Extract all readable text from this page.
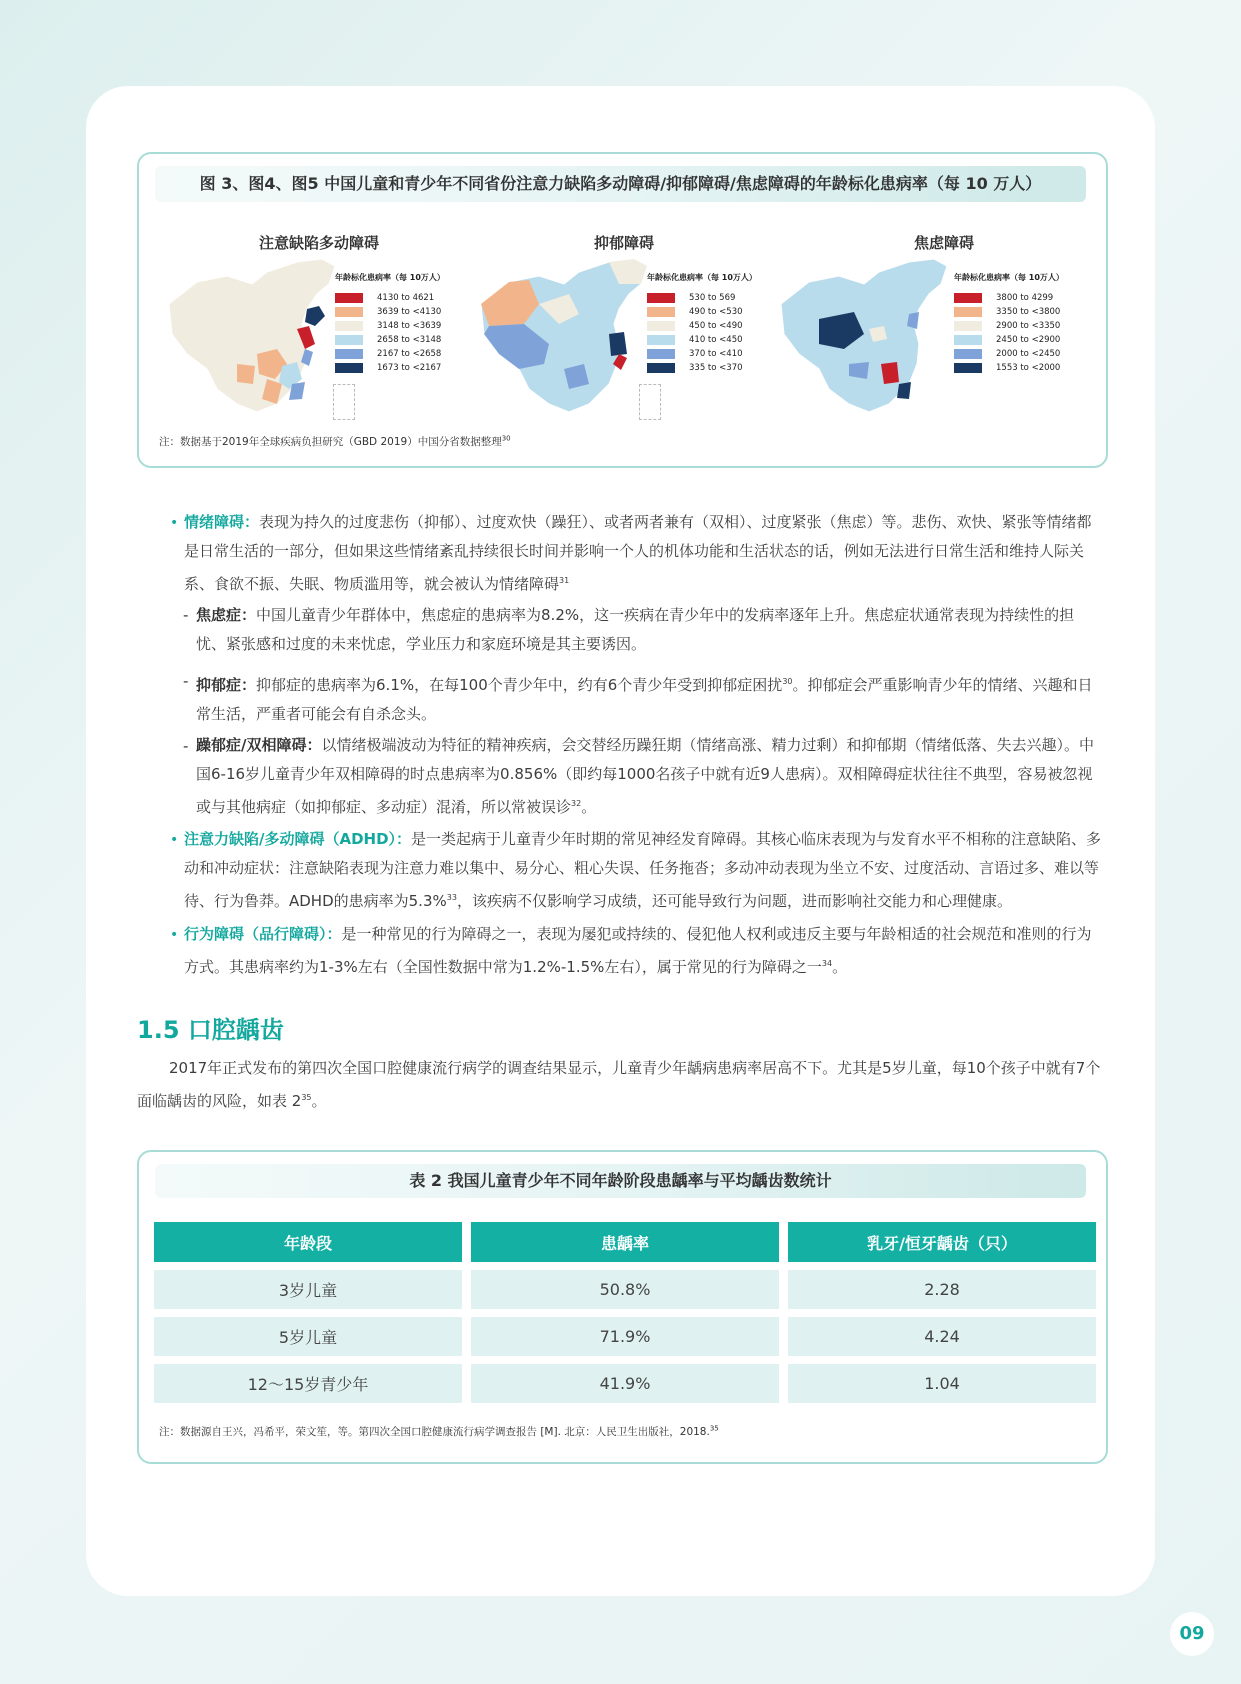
图 3、图4、图5 中国儿童和青少年不同省份注意力缺陷多动障碍/抑郁障碍/焦虑障碍的年龄标化患病率（每 10 万人）
注意缺陷多动障碍
年龄标化患病率（每 10万人）
4130 to 4621
3639 to <4130
3148 to <3639
2658 to <3148
2167 to <2658
1673 to <2167
抑郁障碍
年龄标化患病率（每 10万人）
530 to 569
490 to <530
450 to <490
410 to <450
370 to <410
335 to <370
焦虑障碍
年龄标化患病率（每 10万人）
3800 to 4299
3350 to <3800
2900 to <3350
2450 to <2900
2000 to <2450
1553 to <2000
注：数据基于2019年全球疾病负担研究（GBD 2019）中国分省数据整理$^{30}$
• 情绪障碍：表现为持久的过度悲伤（抑郁）、过度欢快（躁狂）、或者两者兼有（双相）、过度紧张（焦虑）等。悲伤、欢快、紧张等情绪都是日常生活的一部分，但如果这些情绪紊乱持续很长时间并影响一个人的机体功能和生活状态的话，例如无法进行日常生活和维持人际关系、食欲不振、失眠、物质滥用等，就会被认为情绪障碍$^{31}$
- 焦虑症：中国儿童青少年群体中，焦虑症的患病率为8.2%，这一疾病在青少年中的发病率逐年上升。焦虑症状通常表现为持续性的担忧、紧张感和过度的未来忧虑，学业压力和家庭环境是其主要诱因。
- 抑郁症：抑郁症的患病率为6.1%，在每100个青少年中，约有6个青少年受到抑郁症困扰$^{30}$。抑郁症会严重影响青少年的情绪、兴趣和日常生活，严重者可能会有自杀念头。
- 躁郁症/双相障碍：以情绪极端波动为特征的精神疾病，会交替经历躁狂期（情绪高涨、精力过剩）和抑郁期（情绪低落、失去兴趣）。中国6-16岁儿童青少年双相障碍的时点患病率为0.856%（即约每1000名孩子中就有近9人患病）。双相障碍症状往往不典型，容易被忽视或与其他病症（如抑郁症、多动症）混淆，所以常被误诊$^{32}$。
• 注意力缺陷/多动障碍（ADHD）：是一类起病于儿童青少年时期的常见神经发育障碍。其核心临床表现为与发育水平不相称的注意缺陷、多动和冲动症状：注意缺陷表现为注意力难以集中、易分心、粗心失误、任务拖沓；多动冲动表现为坐立不安、过度活动、言语过多、难以等待、行为鲁莽。ADHD的患病率为5.3%$^{33}$，该疾病不仅影响学习成绩，还可能导致行为问题，进而影响社交能力和心理健康。
• 行为障碍（品行障碍）：是一种常见的行为障碍之一，表现为屡犯或持续的、侵犯他人权利或违反主要与年龄相适的社会规范和准则的行为方式。其患病率约为1-3%左右（全国性数据中常为1.2%-1.5%左右），属于常见的行为障碍之一$^{34}$。
1.5 口腔龋齿
2017年正式发布的第四次全国口腔健康流行病学的调查结果显示，儿童青少年龋病患病率居高不下。尤其是5岁儿童，每10个孩子中就有7个面临龋齿的风险，如表 $2^{35}$。
表 2 我国儿童青少年不同年龄阶段患龋率与平均龋齿数统计
年龄段	患龋率	乳牙/恒牙龋齿（只）
3岁儿童	50.8%	2.28
5岁儿童	71.9%	4.24
12～15岁青少年	41.9%	1.04
注：数据源自王兴，冯希平，荣文笙，等。第四次全国口腔健康流行病学调查报告 [M]. 北京：人民卫生出版社，2018.35
09
